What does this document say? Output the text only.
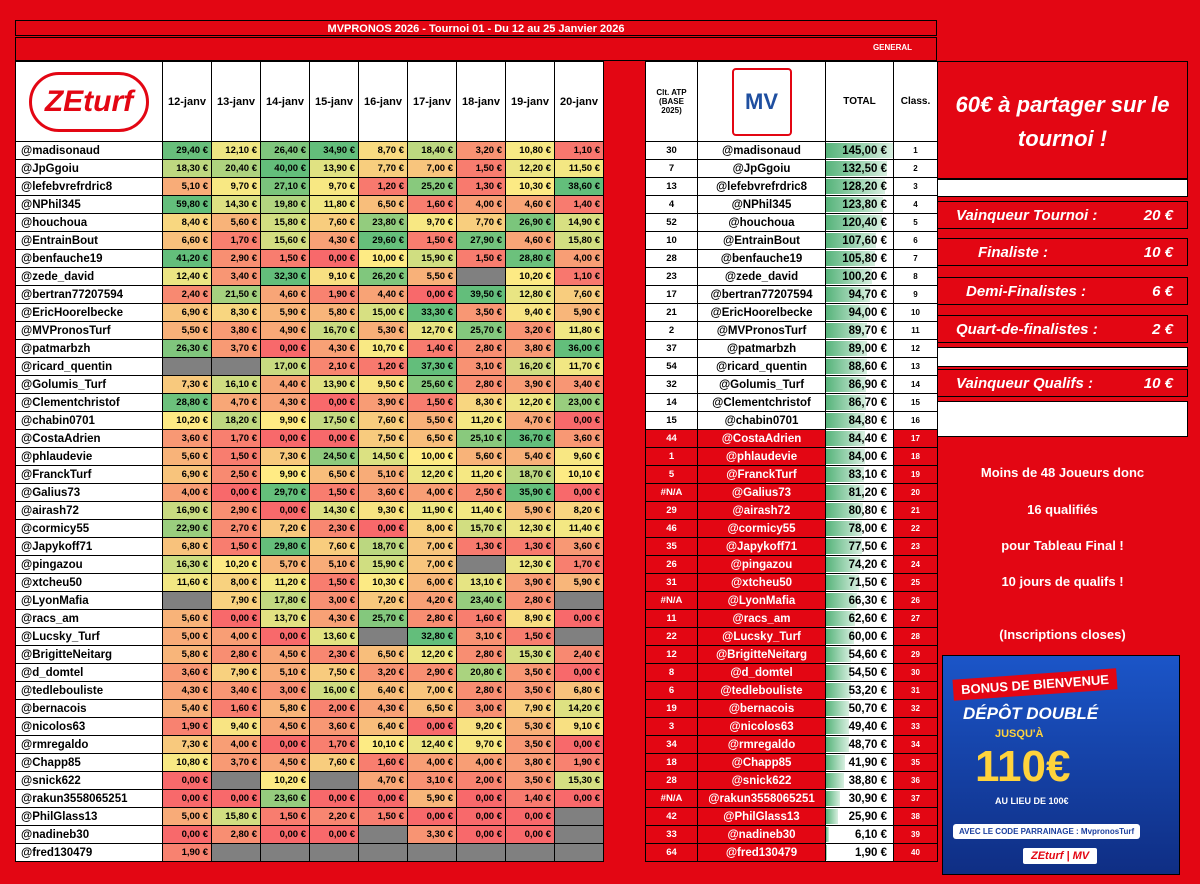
MVPRONOS 2026 - Tournoi 01 - Du 12 au 25 Janvier 2026
GENERAL
ZEturf	12-janv	13-janv	14-janv	15-janv	16-janv	17-janv	18-janv	19-janv	20-janv
@madisonaud	29,40 €	12,10 €	26,40 €	34,90 €	8,70 €	18,40 €	3,20 €	10,80 €	1,10 €
@JpGgoiu	18,30 €	20,40 €	40,00 €	13,90 €	7,70 €	7,00 €	1,50 €	12,20 €	11,50 €
@lefebvrefrdric8	5,10 €	9,70 €	27,10 €	9,70 €	1,20 €	25,20 €	1,30 €	10,30 €	38,60 €
@NPhil345	59,80 €	14,30 €	19,80 €	11,80 €	6,50 €	1,60 €	4,00 €	4,60 €	1,40 €
@houchoua	8,40 €	5,60 €	15,80 €	7,60 €	23,80 €	9,70 €	7,70 €	26,90 €	14,90 €
@EntrainBout	6,60 €	1,70 €	15,60 €	4,30 €	29,60 €	1,50 €	27,90 €	4,60 €	15,80 €
@benfauche19	41,20 €	2,90 €	1,50 €	0,00 €	10,00 €	15,90 €	1,50 €	28,80 €	4,00 €
@zede_david	12,40 €	3,40 €	32,30 €	9,10 €	26,20 €	5,50 €		10,20 €	1,10 €
@bertran77207594	2,40 €	21,50 €	4,60 €	1,90 €	4,40 €	0,00 €	39,50 €	12,80 €	7,60 €
@EricHoorelbecke	6,90 €	8,30 €	5,90 €	5,80 €	15,00 €	33,30 €	3,50 €	9,40 €	5,90 €
@MVPronosTurf	5,50 €	3,80 €	4,90 €	16,70 €	5,30 €	12,70 €	25,70 €	3,20 €	11,80 €
@patmarbzh	26,30 €	3,70 €	0,00 €	4,30 €	10,70 €	1,40 €	2,80 €	3,80 €	36,00 €
@ricard_quentin			17,00 €	2,10 €	1,20 €	37,30 €	3,10 €	16,20 €	11,70 €
@Golumis_Turf	7,30 €	16,10 €	4,40 €	13,90 €	9,50 €	25,60 €	2,80 €	3,90 €	3,40 €
@Clementchristof	28,80 €	4,70 €	4,30 €	0,00 €	3,90 €	1,50 €	8,30 €	12,20 €	23,00 €
@chabin0701	10,20 €	18,20 €	9,90 €	17,50 €	7,60 €	5,50 €	11,20 €	4,70 €	0,00 €
@CostaAdrien	3,60 €	1,70 €	0,00 €	0,00 €	7,50 €	6,50 €	25,10 €	36,70 €	3,60 €
@phlaudevie	5,60 €	1,50 €	7,30 €	24,50 €	14,50 €	10,00 €	5,60 €	5,40 €	9,60 €
@FranckTurf	6,90 €	2,50 €	9,90 €	6,50 €	5,10 €	12,20 €	11,20 €	18,70 €	10,10 €
@Galius73	4,00 €	0,00 €	29,70 €	1,50 €	3,60 €	4,00 €	2,50 €	35,90 €	0,00 €
@airash72	16,90 €	2,90 €	0,00 €	14,30 €	9,30 €	11,90 €	11,40 €	5,90 €	8,20 €
@cormicy55	22,90 €	2,70 €	7,20 €	2,30 €	0,00 €	8,00 €	15,70 €	12,30 €	11,40 €
@Japykoff71	6,80 €	1,50 €	29,80 €	7,60 €	18,70 €	7,00 €	1,30 €	1,30 €	3,60 €
@pingazou	16,30 €	10,20 €	5,70 €	5,10 €	15,90 €	7,00 €		12,30 €	1,70 €
@xtcheu50	11,60 €	8,00 €	11,20 €	1,50 €	10,30 €	6,00 €	13,10 €	3,90 €	5,90 €
@LyonMafia		7,90 €	17,80 €	3,00 €	7,20 €	4,20 €	23,40 €	2,80 €	
@racs_am	5,60 €	0,00 €	13,70 €	4,30 €	25,70 €	2,80 €	1,60 €	8,90 €	0,00 €
@Lucsky_Turf	5,00 €	4,00 €	0,00 €	13,60 €		32,80 €	3,10 €	1,50 €	
@BrigitteNeitarg	5,80 €	2,80 €	4,50 €	2,30 €	6,50 €	12,20 €	2,80 €	15,30 €	2,40 €
@d_domtel	3,60 €	7,90 €	5,10 €	7,50 €	3,20 €	2,90 €	20,80 €	3,50 €	0,00 €
@tedlebouliste	4,30 €	3,40 €	3,00 €	16,00 €	6,40 €	7,00 €	2,80 €	3,50 €	6,80 €
@bernacois	5,40 €	1,60 €	5,80 €	2,00 €	4,30 €	6,50 €	3,00 €	7,90 €	14,20 €
@nicolos63	1,90 €	9,40 €	4,50 €	3,60 €	6,40 €	0,00 €	9,20 €	5,30 €	9,10 €
@rmregaldo	7,30 €	4,00 €	0,00 €	1,70 €	10,10 €	12,40 €	9,70 €	3,50 €	0,00 €
@Chapp85	10,80 €	3,70 €	4,50 €	7,60 €	1,60 €	4,00 €	4,00 €	3,80 €	1,90 €
@snick622	0,00 €		10,20 €		4,70 €	3,10 €	2,00 €	3,50 €	15,30 €
@rakun3558065251	0,00 €	0,00 €	23,60 €	0,00 €	0,00 €	5,90 €	0,00 €	1,40 €	0,00 €
@PhilGlass13	5,00 €	15,80 €	1,50 €	2,20 €	1,50 €	0,00 €	0,00 €	0,00 €	
@nadineb30	0,00 €	2,80 €	0,00 €	0,00 €		3,30 €	0,00 €	0,00 €	
@fred130479	1,90 €								
Clt. ATP (BASE 2025)	MV	TOTAL	Class.
30	@madisonaud	145,00 €	1
7	@JpGgoiu	132,50 €	2
13	@lefebvrefrdric8	128,20 €	3
4	@NPhil345	123,80 €	4
52	@houchoua	120,40 €	5
10	@EntrainBout	107,60 €	6
28	@benfauche19	105,80 €	7
23	@zede_david	100,20 €	8
17	@bertran77207594	94,70 €	9
21	@EricHoorelbecke	94,00 €	10
2	@MVPronosTurf	89,70 €	11
37	@patmarbzh	89,00 €	12
54	@ricard_quentin	88,60 €	13
32	@Golumis_Turf	86,90 €	14
14	@Clementchristof	86,70 €	15
15	@chabin0701	84,80 €	16
44	@CostaAdrien	84,40 €	17
1	@phlaudevie	84,00 €	18
5	@FranckTurf	83,10 €	19
#N/A	@Galius73	81,20 €	20
29	@airash72	80,80 €	21
46	@cormicy55	78,00 €	22
35	@Japykoff71	77,50 €	23
26	@pingazou	74,20 €	24
31	@xtcheu50	71,50 €	25
#N/A	@LyonMafia	66,30 €	26
11	@racs_am	62,60 €	27
22	@Lucsky_Turf	60,00 €	28
12	@BrigitteNeitarg	54,60 €	29
8	@d_domtel	54,50 €	30
6	@tedlebouliste	53,20 €	31
19	@bernacois	50,70 €	32
3	@nicolos63	49,40 €	33
34	@rmregaldo	48,70 €	34
18	@Chapp85	41,90 €	35
28	@snick622	38,80 €	36
#N/A	@rakun3558065251	30,90 €	37
42	@PhilGlass13	25,90 €	38
33	@nadineb30	6,10 €	39
64	@fred130479	1,90 €	40
60€ à partager sur le tournoi !
Vainqueur Tournoi :	20 €
Finaliste :	10 €
Demi-Finalistes :	6 €
Quart-de-finalistes :	2 €
Vainqueur Qualifs :	10 €
Moins de 48 Joueurs donc
16 qualifiés
pour Tableau Final !
10 jours de qualifs !
(Inscriptions closes)
BONUS DE BIENVENUE
DÉPÔT DOUBLÉ
JUSQU'À
110€
AU LIEU DE 100€
AVEC LE CODE PARRAINAGE : MvpronosTurf
ZEturf | MV
